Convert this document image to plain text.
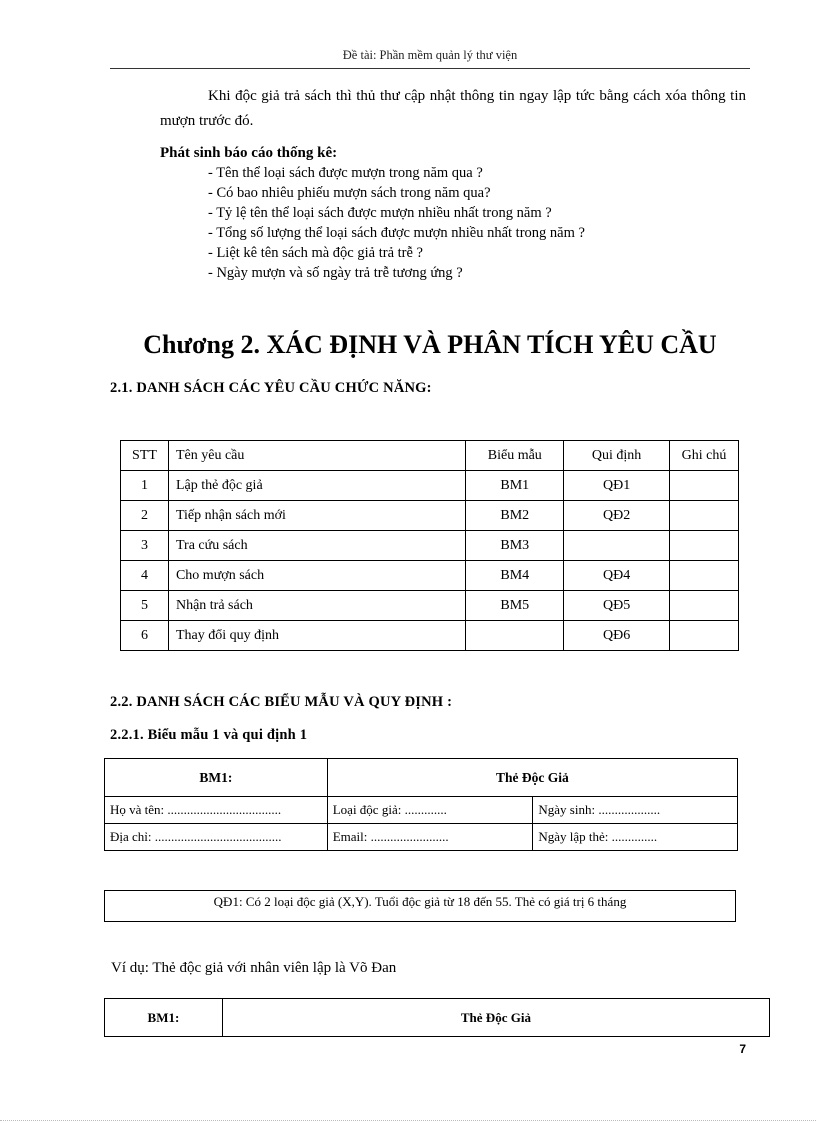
Đề tài: Phần mềm quản lý thư viện
Khi độc giả trả sách thì thủ thư cập nhật thông tin ngay lập tức bằng cách xóa thông tin mượn trước đó.
Phát sinh báo cáo thống kê:
- Tên thể loại sách được mượn trong năm qua ?
- Có bao nhiêu phiếu mượn sách trong năm qua?
- Tỷ lệ tên thể loại sách được mượn nhiều nhất trong năm ?
- Tổng số lượng thể loại sách được mượn nhiều nhất trong năm ?
- Liệt kê tên sách mà độc giả trả trễ ?
- Ngày mượn và số ngày trả trễ tương ứng ?
Chương 2. XÁC ĐỊNH VÀ PHÂN TÍCH YÊU CẦU
2.1. DANH SÁCH CÁC YÊU CẦU CHỨC NĂNG:
STT	Tên yêu cầu	Biểu mẫu	Qui định	Ghi chú
1	Lập thẻ độc giả	BM1	QĐ1	
2	Tiếp nhận sách mới	BM2	QĐ2	
3	Tra cứu sách	BM3		
4	Cho mượn sách	BM4	QĐ4	
5	Nhận trả sách	BM5	QĐ5	
6	Thay đổi quy định		QĐ6	
2.2. DANH SÁCH CÁC BIỂU MẪU VÀ QUY ĐỊNH :
2.2.1. Biểu mẫu 1 và qui định 1
BM1:	Thẻ Độc Giả	
Họ và tên: ...................................	Loại độc giả: .............	Ngày sinh: ...................
Địa chỉ: .......................................	Email: ........................	Ngày lập thẻ: ..............
QĐ1: Có 2 loại độc giả (X,Y). Tuổi độc giả từ 18 đến 55. Thẻ có giá trị 6 tháng
Ví dụ: Thẻ độc giả với nhân viên lập là Võ Đan
BM1:	Thẻ Độc Giả
7
